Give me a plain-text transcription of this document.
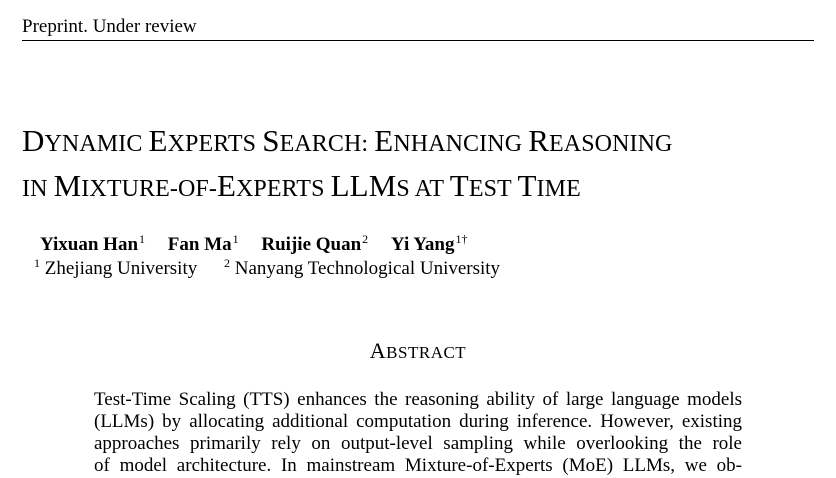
Preprint. Under review
DYNAMIC EXPERTS SEARCH: ENHANCING REASONING
IN MIXTURE-OF-EXPERTS LLMS AT TEST TIME
Yixuan Han$^1$ Fan Ma$^1$ Ruijie Quan$^2$ Yi Yang$^{1\dagger}$
$^1$ Zhejiang University $^2$ Nanyang Technological University
ABSTRACT
Test-Time Scaling (TTS) enhances the reasoning ability of large language models
(LLMs) by allocating additional computation during inference. However, existing
approaches primarily rely on output-level sampling while overlooking the role
of model architecture. In mainstream Mixture-of-Experts (MoE) LLMs, we ob-
